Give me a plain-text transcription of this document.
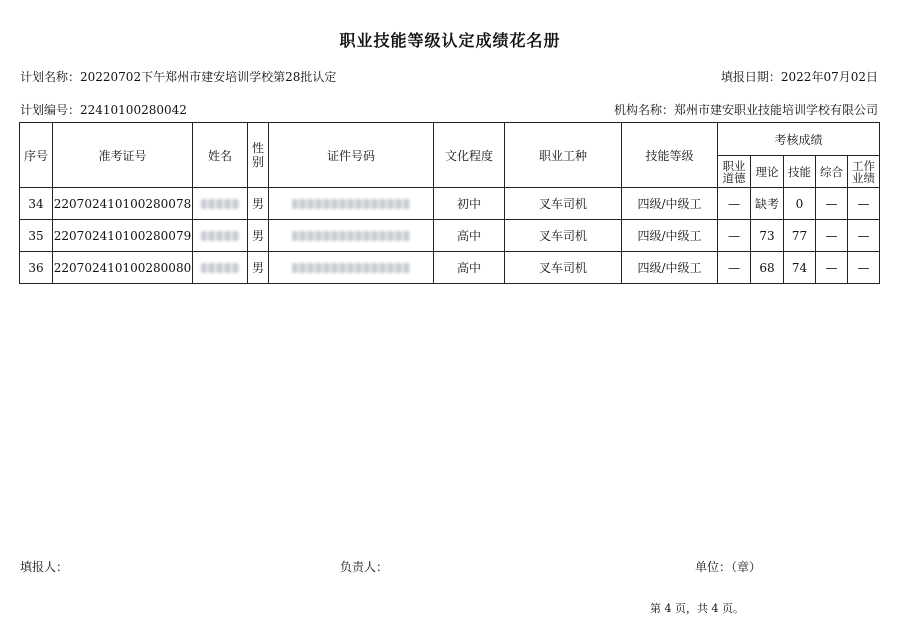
职业技能等级认定成绩花名册
计划名称：20220702下午郑州市建安培训学校第28批认定	填报日期：2022年07月02日
计划编号：22410100280042	机构名称：郑州市建安职业技能培训学校有限公司
序号	准考证号	姓名	性别	证件号码	文化程度	职业工种	技能等级	考核成绩				
								职业道德	理论	技能	综合	工作业绩
34	220702410100280078		男		初中	叉车司机	四级/中级工	—	缺考	0	—	—
35	220702410100280079		男		高中	叉车司机	四级/中级工	—	73	77	—	—
36	220702410100280080		男		高中	叉车司机	四级/中级工	—	68	74	—	—
填报人：	负责人：	单位：（章）
第 4 页，共 4 页。
